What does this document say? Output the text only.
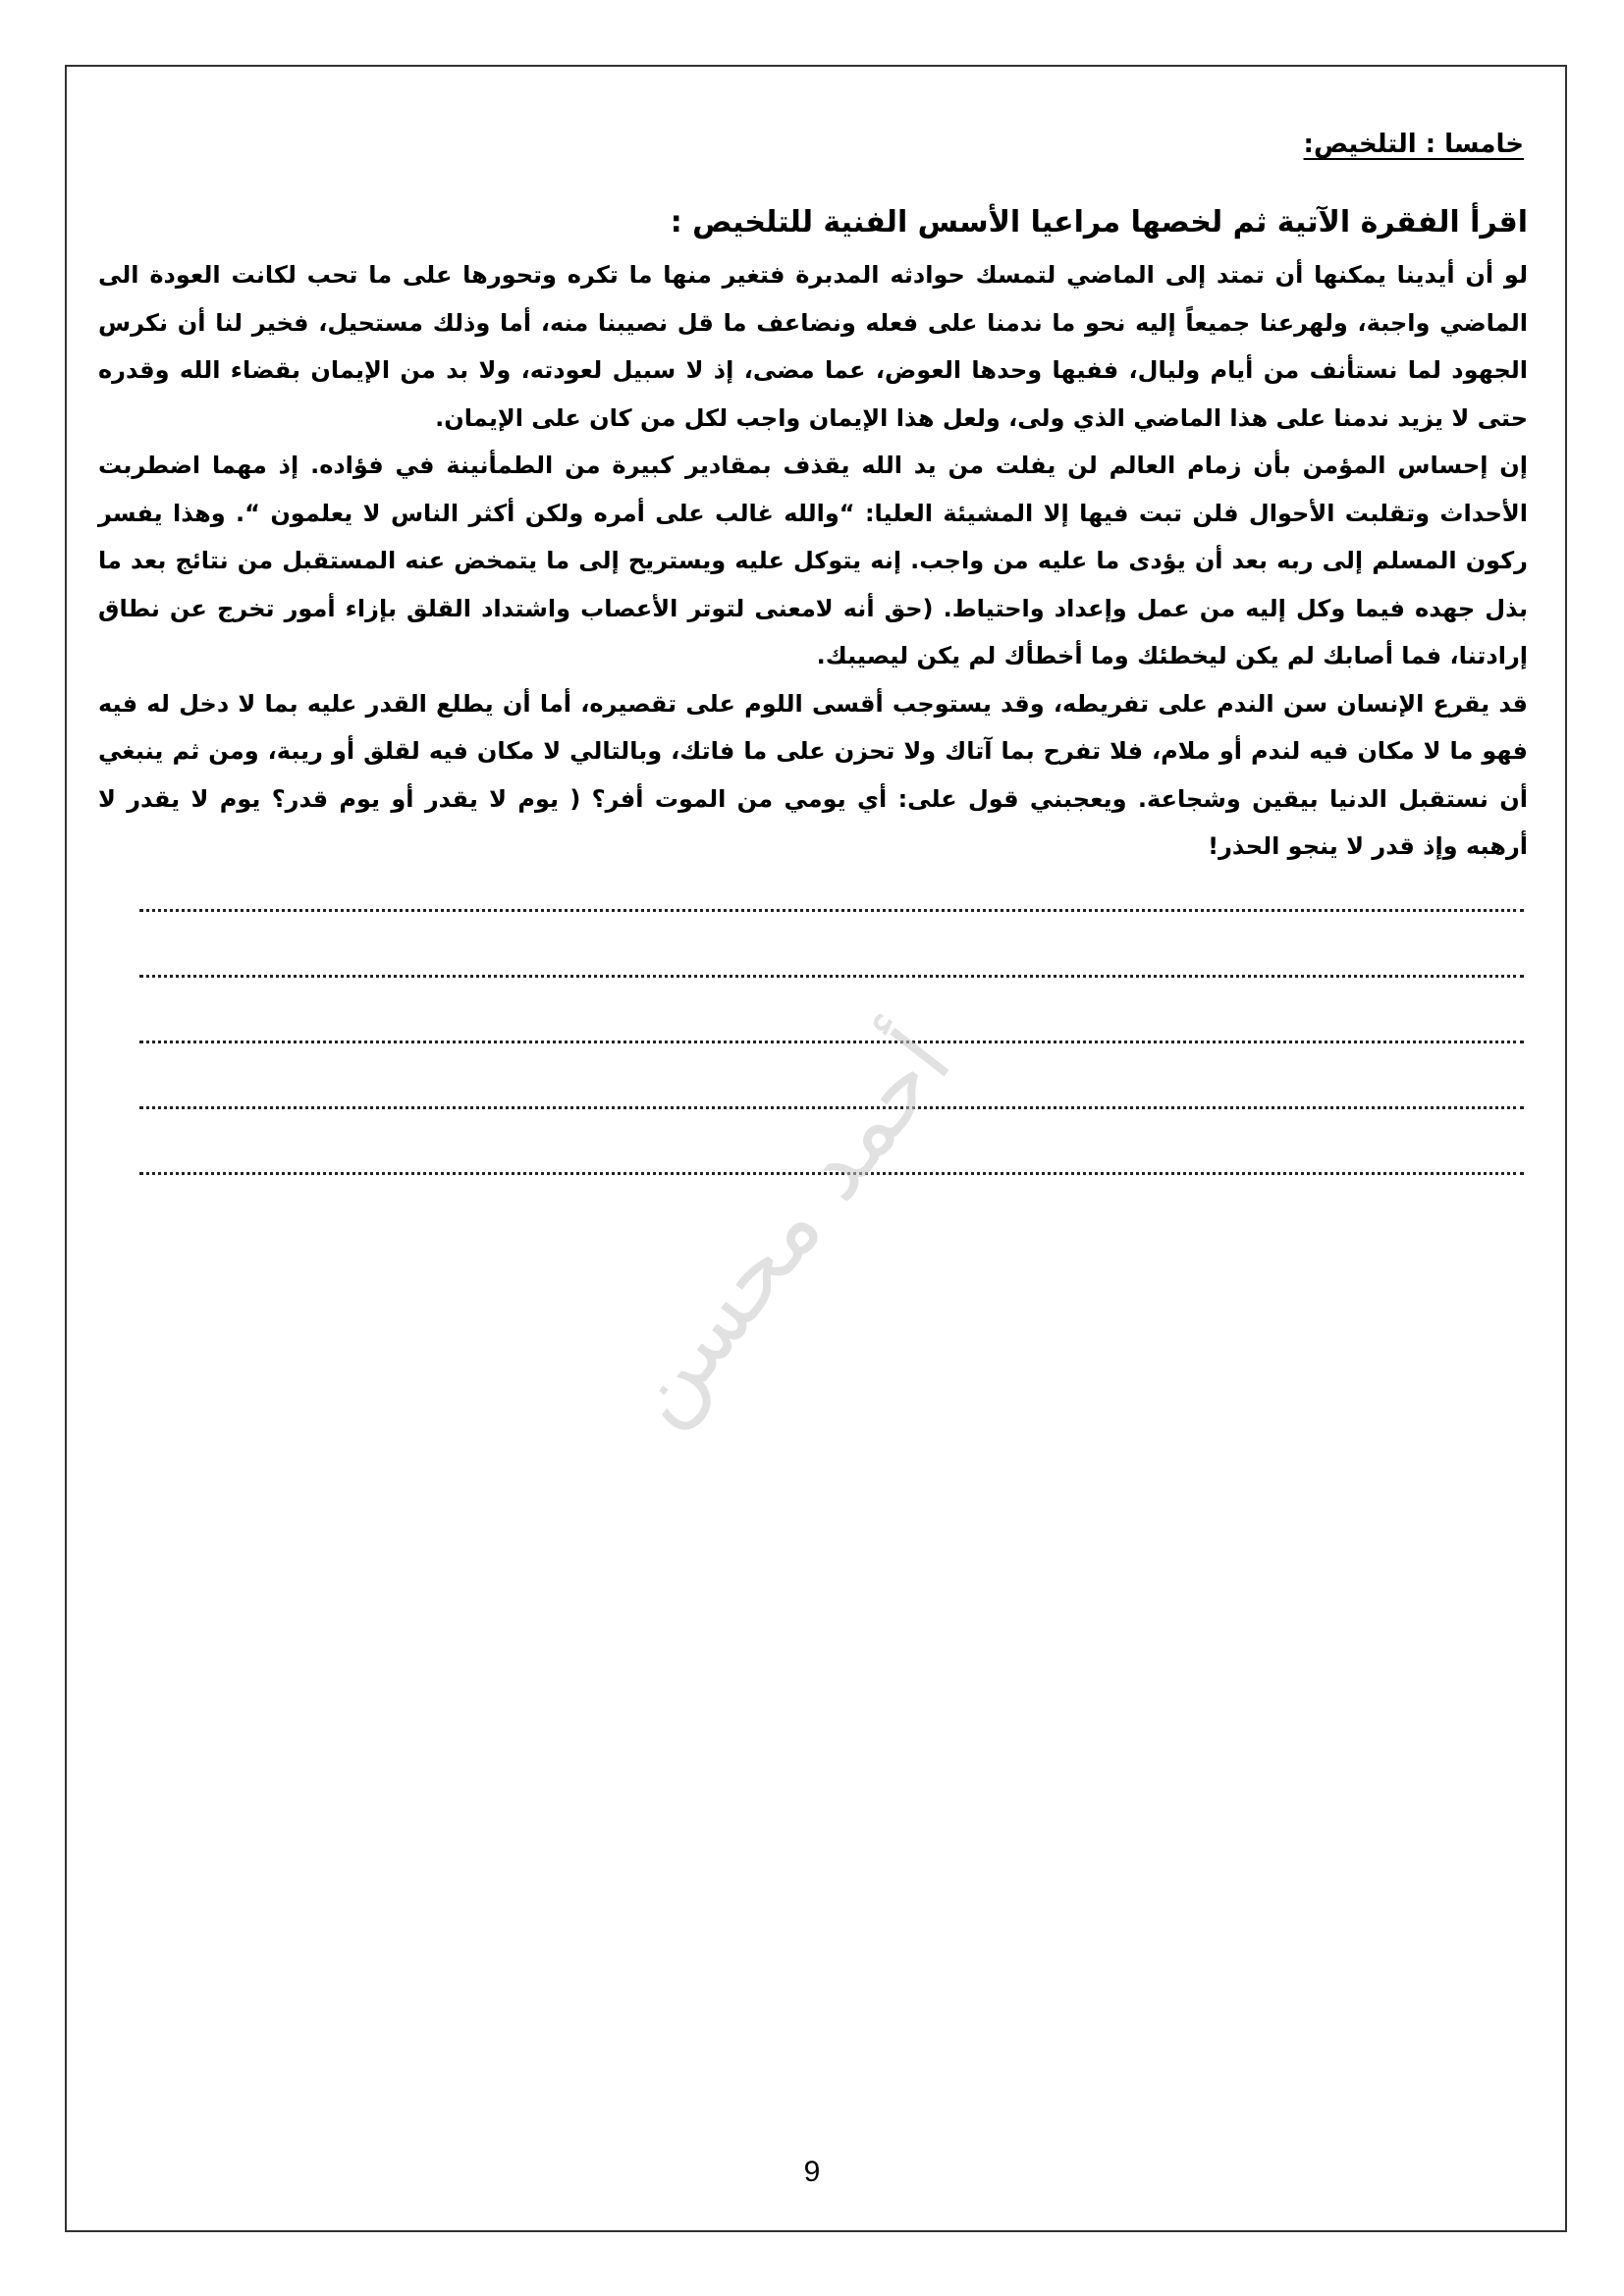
خامسا : التلخيص:
اقرأ الفقرة الآتية ثم لخصها مراعيا الأسس الفنية للتلخيص :

لو أن أيدينا يمكنها أن تمتد إلى الماضي لتمسك حوادثه المدبرة فتغير منها ما تكره وتحورها على ما تحب لكانت العودة الى الماضي واجبة، ولهرعنا جميعاً إليه نحو ما ندمنا على فعله ونضاعف ما قل نصيبنا منه، أما وذلك مستحيل، فخير لنا أن نكرس الجهود لما نستأنف من أيام وليال، ففيها وحدها العوض، عما مضى، إذ لا سبيل لعودته، ولا بد من الإيمان بقضاء الله وقدره حتى لا يزيد ندمنا على هذا الماضي الذي ولى، ولعل هذا الإيمان واجب لكل من كان على الإيمان.

إن إحساس المؤمن بأن زمام العالم لن يفلت من يد الله يقذف بمقادير كبيرة من الطمأنينة في فؤاده. إذ مهما اضطربت الأحداث وتقلبت الأحوال فلن تبت فيها إلا المشيئة العليا: “والله غالب على أمره ولكن أكثر الناس لا يعلمون “. وهذا يفسر ركون المسلم إلى ربه بعد أن يؤدى ما عليه من واجب. إنه يتوكل عليه ويستريح إلى ما يتمخض عنه المستقبل من نتائج بعد ما بذل جهده فيما وكل إليه من عمل وإعداد واحتياط. (حق أنه لامعنى لتوتر الأعصاب واشتداد القلق بإزاء أمور تخرج عن نطاق إرادتنا، فما أصابك لم يكن ليخطئك وما أخطأك لم يكن ليصيبك.

قد يقرع الإنسان سن الندم على تفريطه، وقد يستوجب أقسى اللوم على تقصيره، أما أن يطلع القدر عليه بما لا دخل له فيه فهو ما لا مكان فيه لندم أو ملام، فلا تفرح بما آتاك ولا تحزن على ما فاتك، وبالتالي لا مكان فيه لقلق أو ريبة، ومن ثم ينبغي أن نستقبل الدنيا بيقين وشجاعة. ويعجبني قول على: أي يومي من الموت أفر؟ ( يوم لا يقدر أو يوم قدر؟ يوم لا يقدر لا أرهبه وإذ قدر لا ينجو الحذر!

أحمد محسن
9
